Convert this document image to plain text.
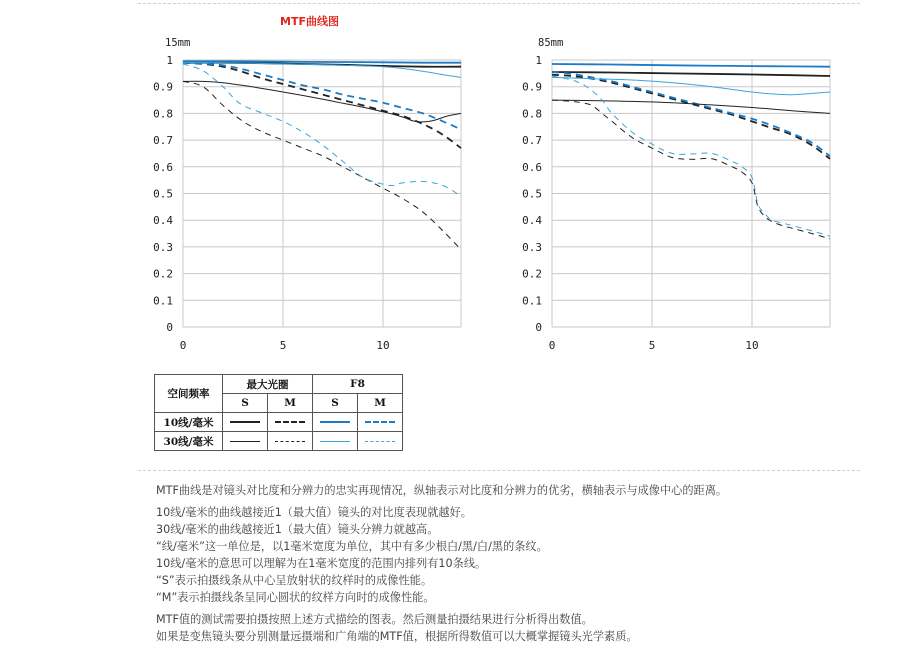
MTF曲线图
15mm
1
0.9
0.8
0.7
0.6
0.5
0.4
0.3
0.2
0.1
0
0	5	10
85mm
1
0.9
0.8
0.7
0.6
0.5
0.4
0.3
0.2
0.1
0
0	5	10
空间频率	最大光圈		F8	
	S	M	S	M
10线/毫米	

30线/毫米	

MTF曲线是对镜头对比度和分辨力的忠实再现情况，纵轴表示对比度和分辨力的优劣，横轴表示与成像中心的距离。

10线/毫米的曲线越接近1（最大值）镜头的对比度表现就越好。

30线/毫米的曲线越接近1（最大值）镜头分辨力就越高。

“线/毫米”这一单位是，以1毫米宽度为单位，其中有多少根白/黑/白/黑的条纹。

10线/毫米的意思可以理解为在1毫米宽度的范围内排列有10条线。

“S”表示拍摄线条从中心呈放射状的纹样时的成像性能。

“M”表示拍摄线条呈同心圆状的纹样方向时的成像性能。

MTF值的测试需要拍摄按照上述方式描绘的图表。然后测量拍摄结果进行分析得出数值。

如果是变焦镜头要分别测量远摄端和广角端的MTF值，根据所得数值可以大概掌握镜头光学素质。
